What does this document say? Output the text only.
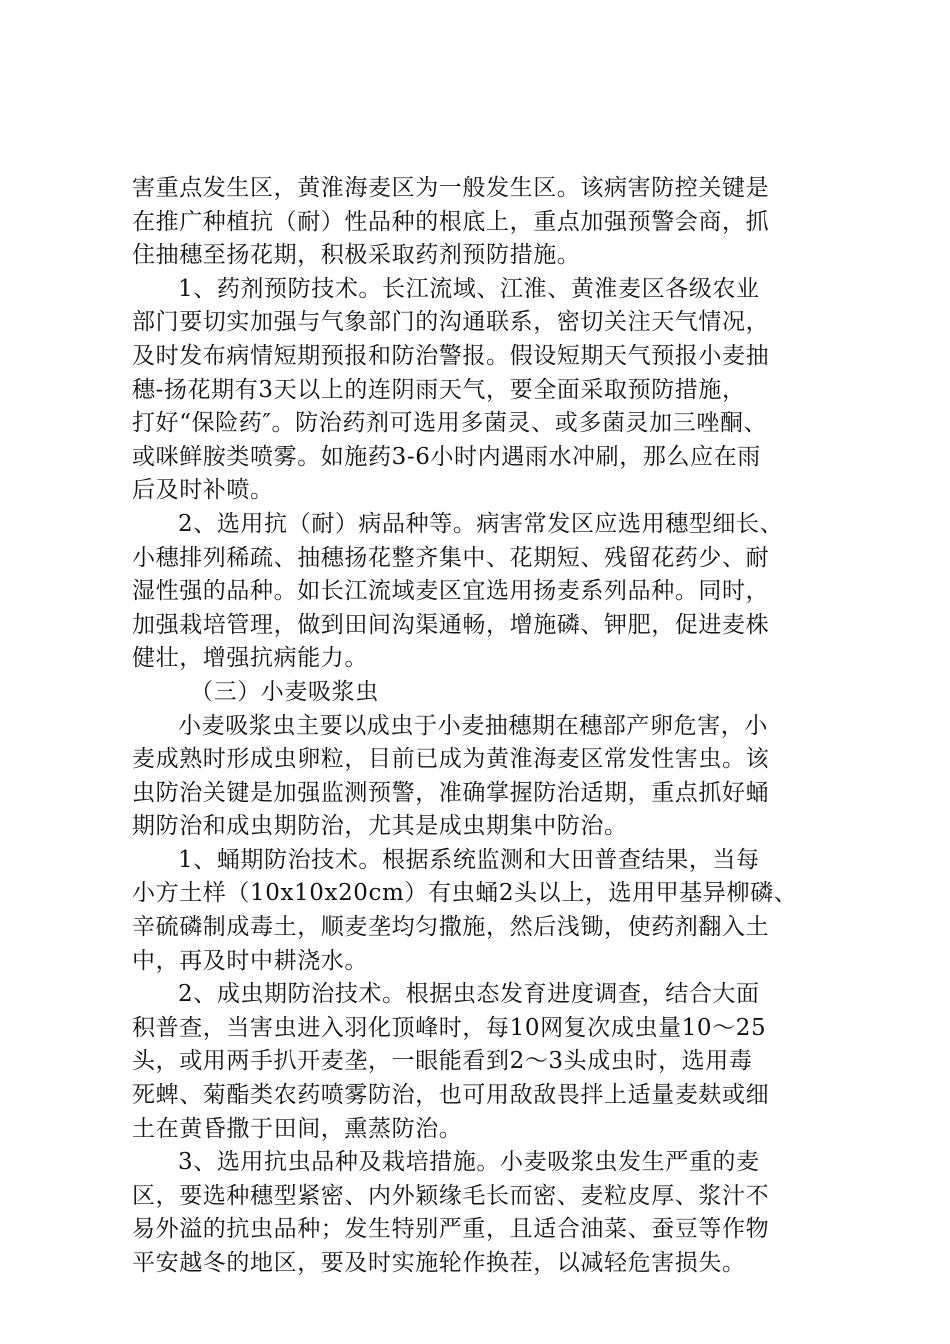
害重点发生区，黄淮海麦区为一般发生区。该病害防控关键是
在推广种植抗（耐）性品种的根底上，重点加强预警会商，抓
住抽穗至扬花期，积极采取药剂预防措施。
1、药剂预防技术。长江流域、江淮、黄淮麦区各级农业
部门要切实加强与气象部门的沟通联系，密切关注天气情况，
及时发布病情短期预报和防治警报。假设短期天气预报小麦抽
穗-扬花期有3天以上的连阴雨天气，要全面采取预防措施，
打好“保险药″。防治药剂可选用多菌灵、或多菌灵加三唑酮、
或咪鲜胺类喷雾。如施药3-6小时内遇雨水冲刷，那么应在雨
后及时补喷。
2、选用抗（耐）病品种等。病害常发区应选用穗型细长、
小穗排列稀疏、抽穗扬花整齐集中、花期短、残留花药少、耐
湿性强的品种。如长江流域麦区宜选用扬麦系列品种。同时，
加强栽培管理，做到田间沟渠通畅，增施磷、钾肥，促进麦株
健壮，增强抗病能力。
（三）小麦吸浆虫
小麦吸浆虫主要以成虫于小麦抽穗期在穗部产卵危害，小
麦成熟时形成虫卵粒，目前已成为黄淮海麦区常发性害虫。该
虫防治关键是加强监测预警，准确掌握防治适期，重点抓好蛹
期防治和成虫期防治，尤其是成虫期集中防治。
1、蛹期防治技术。根据系统监测和大田普查结果，当每
小方土样（10x10x20cm）有虫蛹2头以上，选用甲基异柳磷、
辛硫磷制成毒土，顺麦垄均匀撒施，然后浅锄，使药剂翻入土
中，再及时中耕浇水。
2、成虫期防治技术。根据虫态发育进度调查，结合大面
积普查，当害虫进入羽化顶峰时，每10网复次成虫量10～25
头，或用两手扒开麦垄，一眼能看到2～3头成虫时，选用毒
死蜱、菊酯类农药喷雾防治，也可用敌敌畏拌上适量麦麸或细
土在黄昏撒于田间，熏蒸防治。
3、选用抗虫品种及栽培措施。小麦吸浆虫发生严重的麦
区，要选种穗型紧密、内外颖缘毛长而密、麦粒皮厚、浆汁不
易外溢的抗虫品种；发生特别严重，且适合油菜、蚕豆等作物
平安越冬的地区，要及时实施轮作换茬，以减轻危害损失。
